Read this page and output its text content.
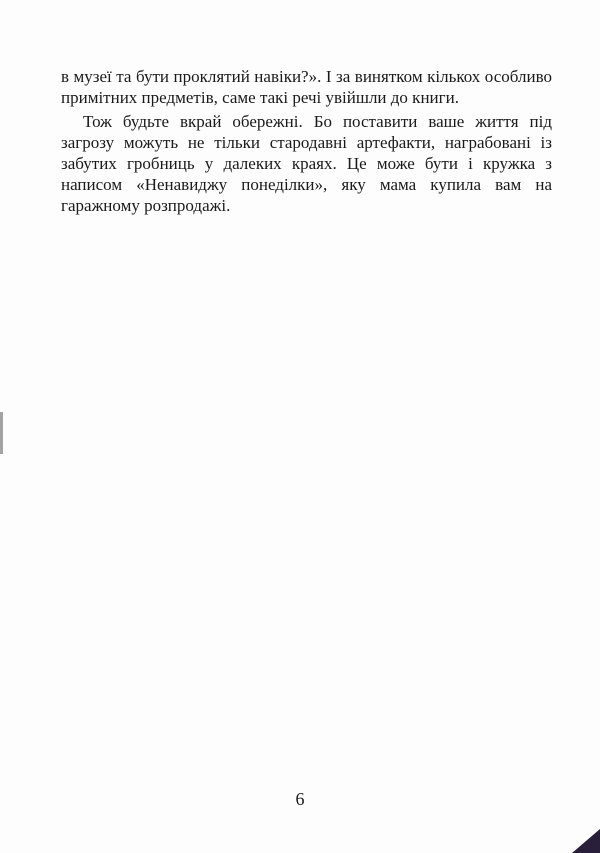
в музеї та бути проклятий навіки?». І за винятком кількох особливо примітних предметів, саме такі речі увійшли до книги.

Тож будьте вкрай обережні. Бо поставити ваше життя під загрозу можуть не тільки стародавні артефакти, награбовані із забутих гробниць у далеких краях. Це може бути і кружка з написом «Ненавиджу понеділки», яку мама купила вам на гаражному розпродажі.

6
